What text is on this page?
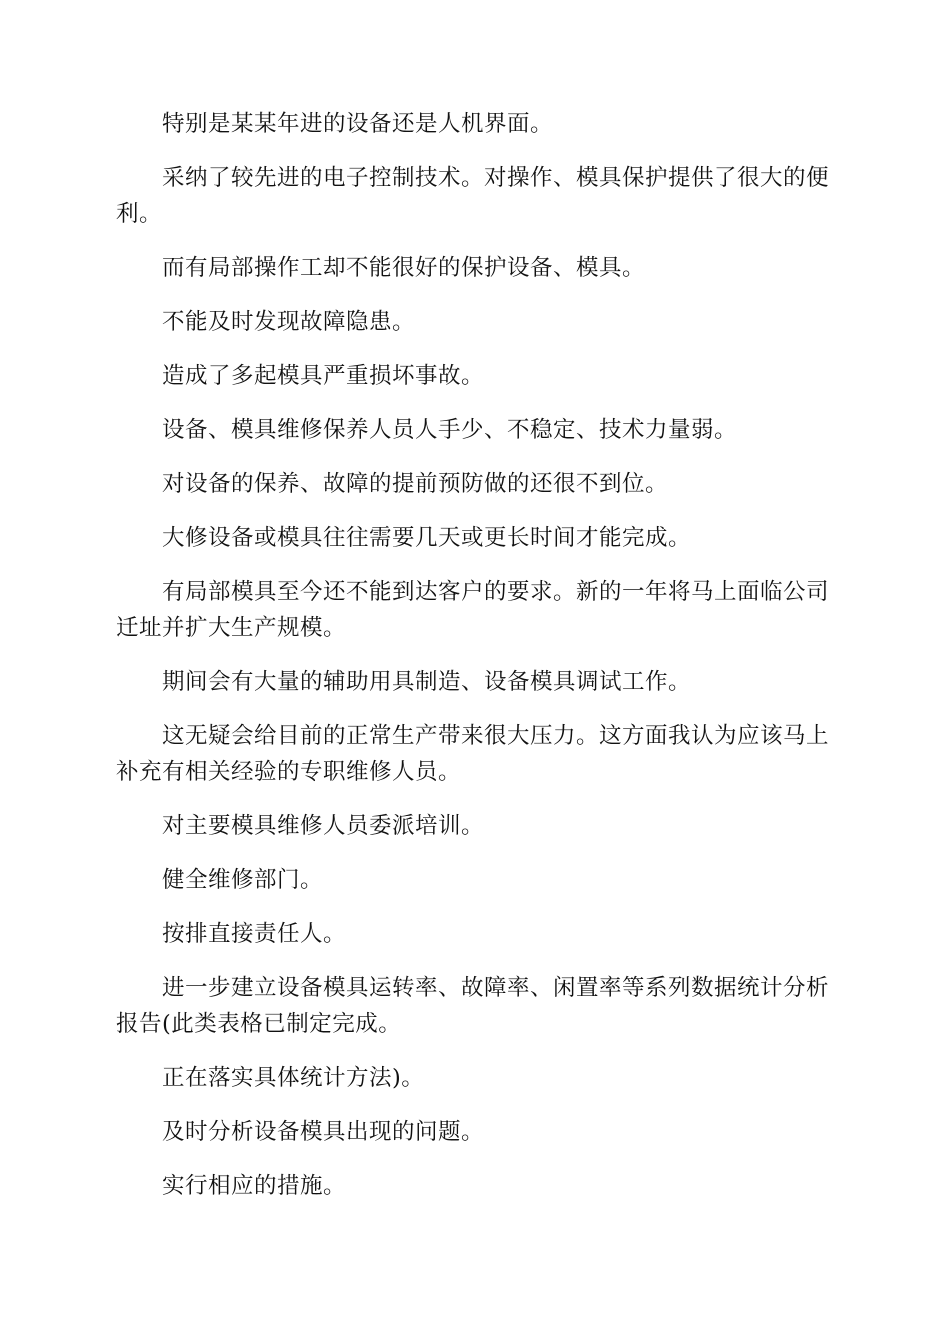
特别是某某年进的设备还是人机界面。

采纳了较先进的电子控制技术。对操作、模具保护提供了很大的便利。

而有局部操作工却不能很好的保护设备、模具。

不能及时发现故障隐患。

造成了多起模具严重损坏事故。

设备、模具维修保养人员人手少、不稳定、技术力量弱。

对设备的保养、故障的提前预防做的还很不到位。

大修设备或模具往往需要几天或更长时间才能完成。

有局部模具至今还不能到达客户的要求。新的一年将马上面临公司迁址并扩大生产规模。

期间会有大量的辅助用具制造、设备模具调试工作。

这无疑会给目前的正常生产带来很大压力。这方面我认为应该马上补充有相关经验的专职维修人员。

对主要模具维修人员委派培训。

健全维修部门。

按排直接责任人。

进一步建立设备模具运转率、故障率、闲置率等系列数据统计分析报告(此类表格已制定完成。

正在落实具体统计方法)。

及时分析设备模具出现的问题。

实行相应的措施。
